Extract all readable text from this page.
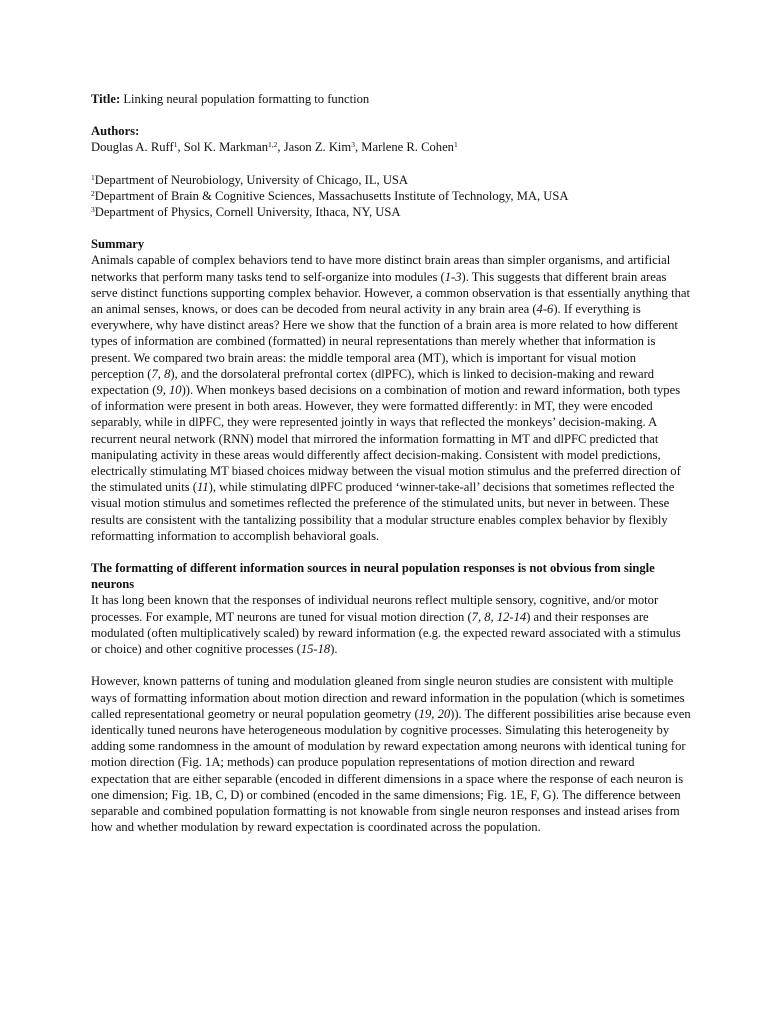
Title: Linking neural population formatting to function

Authors:

Douglas A. Ruff$^1$, Sol K. Markman$^{1,2}$, Jason Z. Kim$^3$, Marlene R. Cohen$^1$

$^1$Department of Neurobiology, University of Chicago, IL, USA

$^2$Department of Brain & Cognitive Sciences, Massachusetts Institute of Technology, MA, USA

$^3$Department of Physics, Cornell University, Ithaca, NY, USA

Summary

Animals capable of complex behaviors tend to have more distinct brain areas than simpler organisms, and artificial networks that perform many tasks tend to self-organize into modules (1-3). This suggests that different brain areas serve distinct functions supporting complex behavior. However, a common observation is that essentially anything that an animal senses, knows, or does can be decoded from neural activity in any brain area (4-6). If everything is everywhere, why have distinct areas? Here we show that the function of a brain area is more related to how different types of information are combined (formatted) in neural representations than merely whether that information is present. We compared two brain areas: the middle temporal area (MT), which is important for visual motion perception (7, 8), and the dorsolateral prefrontal cortex (dlPFC), which is linked to decision-making and reward expectation (9, 10)). When monkeys based decisions on a combination of motion and reward information, both types of information were present in both areas. However, they were formatted differently: in MT, they were encoded separably, while in dlPFC, they were represented jointly in ways that reflected the monkeys’ decision-making. A recurrent neural network (RNN) model that mirrored the information formatting in MT and dlPFC predicted that manipulating activity in these areas would differently affect decision-making. Consistent with model predictions, electrically stimulating MT biased choices midway between the visual motion stimulus and the preferred direction of the stimulated units (11), while stimulating dlPFC produced ‘winner-take-all’ decisions that sometimes reflected the visual motion stimulus and sometimes reflected the preference of the stimulated units, but never in between. These results are consistent with the tantalizing possibility that a modular structure enables complex behavior by flexibly reformatting information to accomplish behavioral goals.

The formatting of different information sources in neural population responses is not obvious from single neurons

It has long been known that the responses of individual neurons reflect multiple sensory, cognitive, and/or motor processes. For example, MT neurons are tuned for visual motion direction (7, 8, 12-14) and their responses are modulated (often multiplicatively scaled) by reward information (e.g. the expected reward associated with a stimulus or choice) and other cognitive processes (15-18).

However, known patterns of tuning and modulation gleaned from single neuron studies are consistent with multiple ways of formatting information about motion direction and reward information in the population (which is sometimes called representational geometry or neural population geometry (19, 20)). The different possibilities arise because even identically tuned neurons have heterogeneous modulation by cognitive processes. Simulating this heterogeneity by adding some randomness in the amount of modulation by reward expectation among neurons with identical tuning for motion direction (Fig. 1A; methods) can produce population representations of motion direction and reward expectation that are either separable (encoded in different dimensions in a space where the response of each neuron is one dimension; Fig. 1B, C, D) or combined (encoded in the same dimensions; Fig. 1E, F, G). The difference between separable and combined population formatting is not knowable from single neuron responses and instead arises from how and whether modulation by reward expectation is coordinated across the population.
